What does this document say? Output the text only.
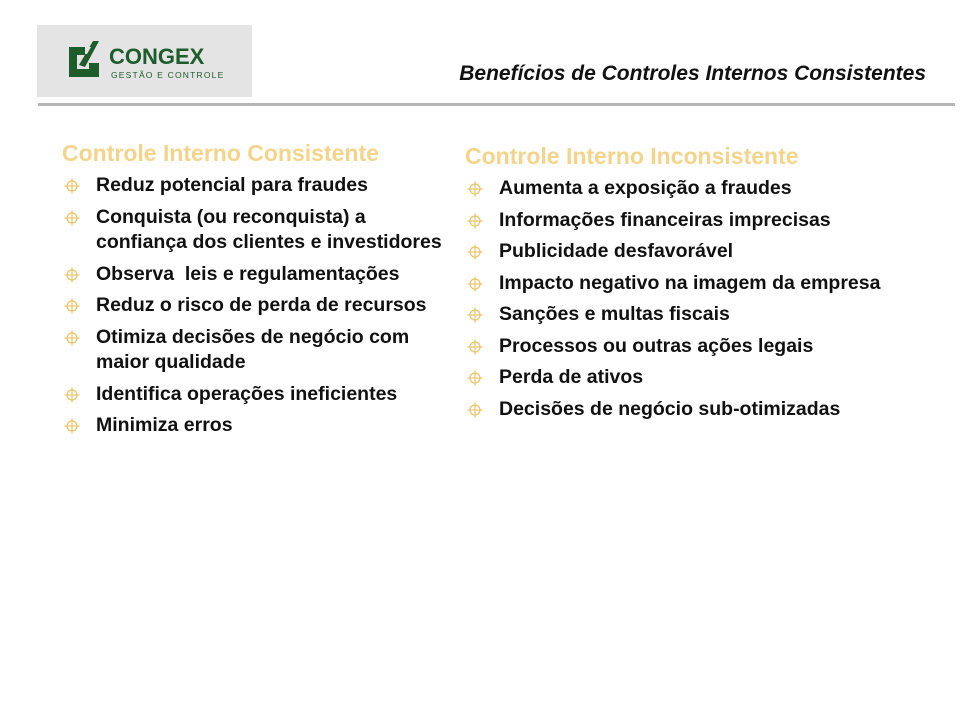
CONGEX
GESTÃO E CONTROLE	Benefícios de Controles Internos Consistentes
Controle Interno Consistente
Reduz potencial para fraudes
Conquista (ou reconquista) a confiança dos clientes e investidores
Observa  leis e regulamentações
Reduz o risco de perda de recursos
Otimiza decisões de negócio com maior qualidade
Identifica operações ineficientes
Minimiza erros
Controle Interno Inconsistente
Aumenta a exposição a fraudes
Informações financeiras imprecisas
Publicidade desfavorável
Impacto negativo na imagem da empresa
Sanções e multas fiscais
Processos ou outras ações legais
Perda de ativos
Decisões de negócio sub-otimizadas
